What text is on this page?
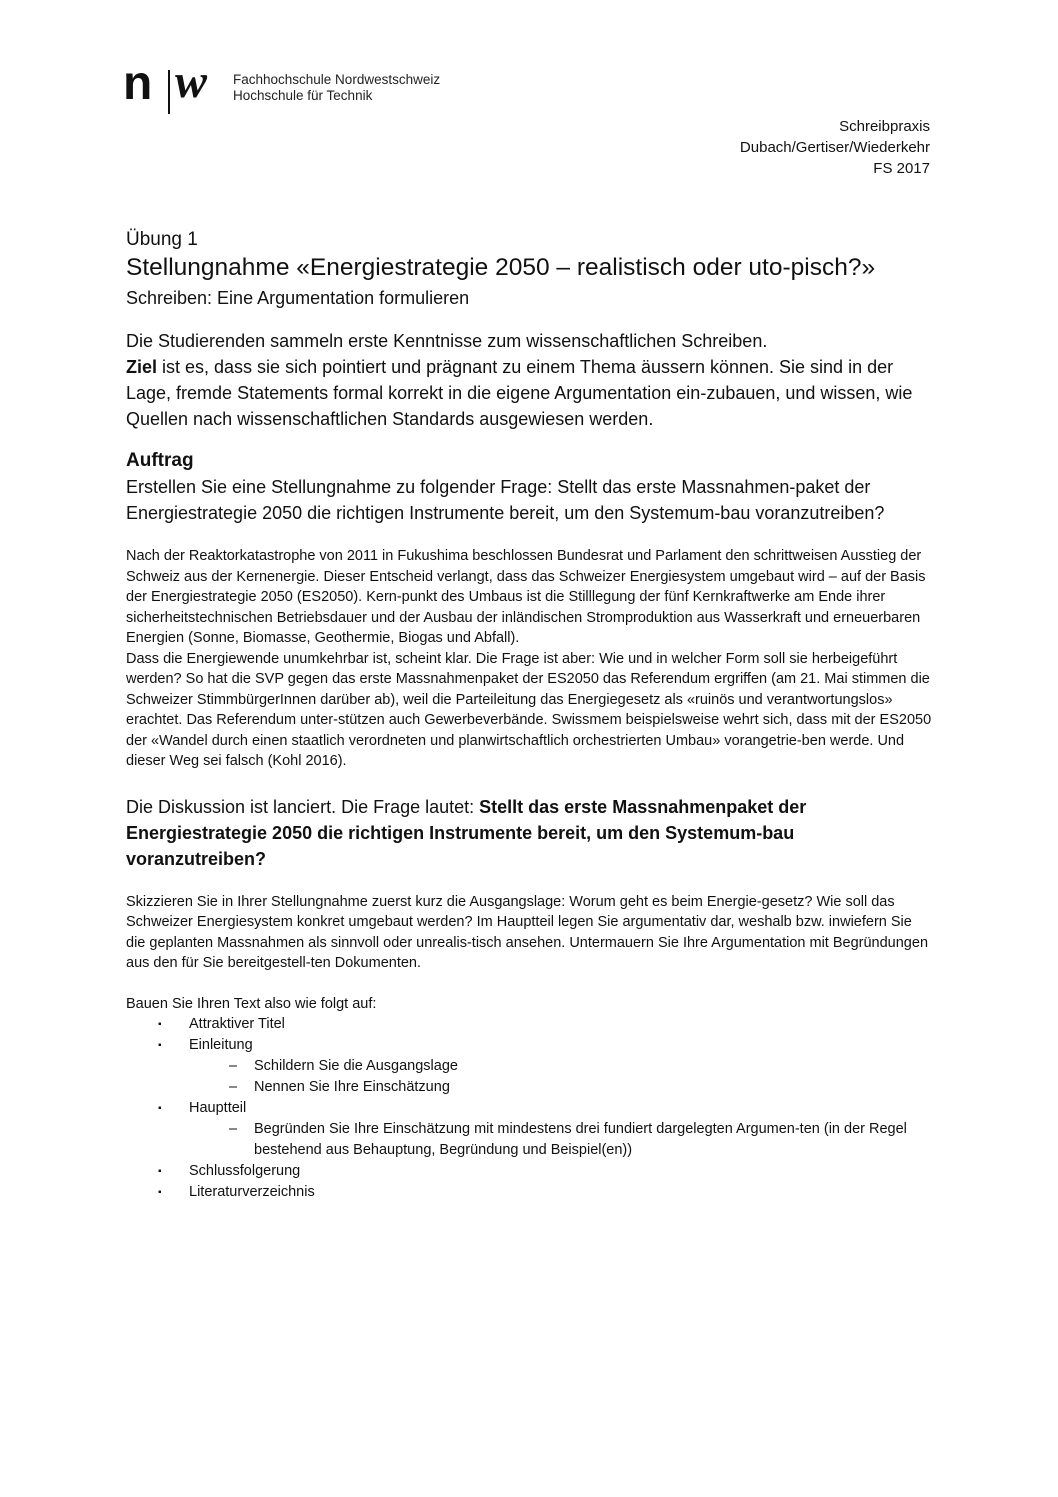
n w Fachhochschule Nordwestschweiz
Hochschule für Technik
Schreibpraxis
Dubach/Gertiser/Wiederkehr
FS 2017

Übung 1

Stellungnahme «Energiestrategie 2050 – realistisch oder uto-pisch?»

Schreiben: Eine Argumentation formulieren

Die Studierenden sammeln erste Kenntnisse zum wissenschaftlichen Schreiben.
Ziel ist es, dass sie sich pointiert und prägnant zu einem Thema äussern können. Sie sind in der Lage, fremde Statements formal korrekt in die eigene Argumentation ein-zubauen, und wissen, wie Quellen nach wissenschaftlichen Standards ausgewiesen werden.

Auftrag

Erstellen Sie eine Stellungnahme zu folgender Frage: Stellt das erste Massnahmen-paket der Energiestrategie 2050 die richtigen Instrumente bereit, um den Systemum-bau voranzutreiben?

Nach der Reaktorkatastrophe von 2011 in Fukushima beschlossen Bundesrat und Parlament den schrittweisen Ausstieg der Schweiz aus der Kernenergie. Dieser Entscheid verlangt, dass das Schweizer Energiesystem umgebaut wird – auf der Basis der Energiestrategie 2050 (ES2050). Kern-punkt des Umbaus ist die Stilllegung der fünf Kernkraftwerke am Ende ihrer sicherheitstechnischen Betriebsdauer und der Ausbau der inländischen Stromproduktion aus Wasserkraft und erneuerbaren Energien (Sonne, Biomasse, Geothermie, Biogas und Abfall).

Dass die Energiewende unumkehrbar ist, scheint klar. Die Frage ist aber: Wie und in welcher Form soll sie herbeigeführt werden? So hat die SVP gegen das erste Massnahmenpaket der ES2050 das Referendum ergriffen (am 21. Mai stimmen die Schweizer StimmbürgerInnen darüber ab), weil die Parteileitung das Energiegesetz als «ruinös und verantwortungslos» erachtet. Das Referendum unter-stützen auch Gewerbeverbände. Swissmem beispielsweise wehrt sich, dass mit der ES2050 der «Wandel durch einen staatlich verordneten und planwirtschaftlich orchestrierten Umbau» vorangetrie-ben werde. Und dieser Weg sei falsch (Kohl 2016).

Die Diskussion ist lanciert. Die Frage lautet: Stellt das erste Massnahmenpaket der Energiestrategie 2050 die richtigen Instrumente bereit, um den Systemum-bau voranzutreiben?

Skizzieren Sie in Ihrer Stellungnahme zuerst kurz die Ausgangslage: Worum geht es beim Energie-gesetz? Wie soll das Schweizer Energiesystem konkret umgebaut werden? Im Hauptteil legen Sie argumentativ dar, weshalb bzw. inwiefern Sie die geplanten Massnahmen als sinnvoll oder unrealis-tisch ansehen. Untermauern Sie Ihre Argumentation mit Begründungen aus den für Sie bereitgestell-ten Dokumenten.

Bauen Sie Ihren Text also wie folgt auf:

▪ Attraktiver Titel
▪ Einleitung
– Schildern Sie die Ausgangslage
– Nennen Sie Ihre Einschätzung
▪ Hauptteil
– Begründen Sie Ihre Einschätzung mit mindestens drei fundiert dargelegten Argumen-ten (in der Regel bestehend aus Behauptung, Begründung und Beispiel(en))
▪ Schlussfolgerung
▪ Literaturverzeichnis
